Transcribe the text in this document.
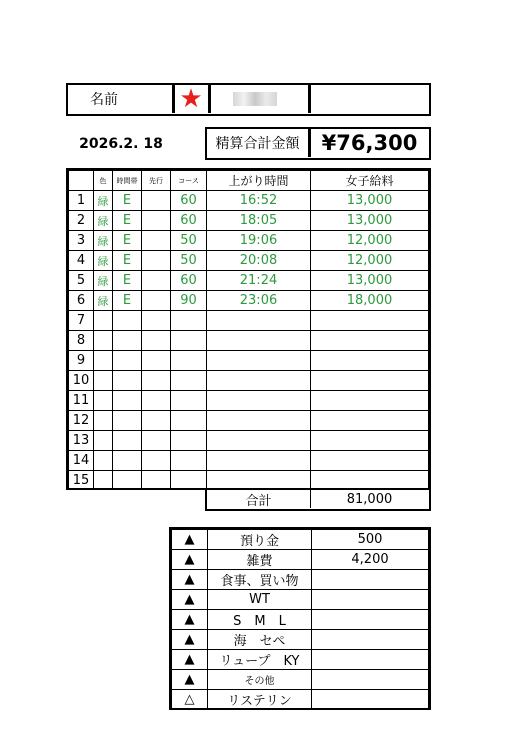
名前	★
2026.2. 18	精算合計金額	¥76,300
	色	時間帯	先行	コース	上がり時間	女子給料
1	緑	E		60	16:52	13,000
2	緑	E		60	18:05	13,000
3	緑	E		50	19:06	12,000
4	緑	E		50	20:08	12,000
5	緑	E		60	21:24	13,000
6	緑	E		90	23:06	18,000
7						
8						
9						
10						
11						
12						
13						
14						
15						
合計	81,000
▲	預り金	500
▲	雑費	4,200
▲	食事、買い物	
▲	WT	
▲	S　M　L	
▲	海　セペ	
▲	リュープ　KY	
▲	その他	
△	リステリン	
